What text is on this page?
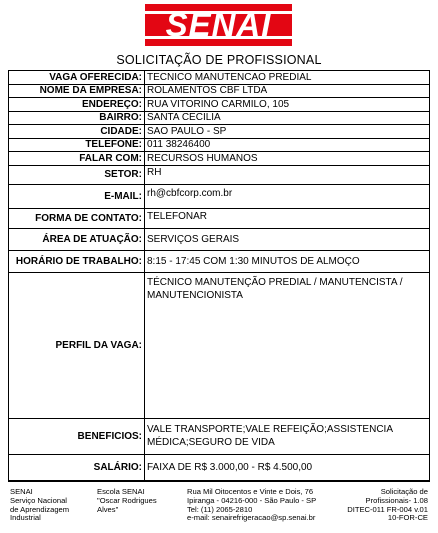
SENAI
SOLICITAÇÃO DE PROFISSIONAL
VAGA OFERECIDA:	TECNICO MANUTENCAO PREDIAL
NOME DA EMPRESA:	ROLAMENTOS CBF LTDA
ENDEREÇO:	RUA VITORINO CARMILO, 105
BAIRRO:	SANTA CECILIA
CIDADE:	SAO PAULO - SP
TELEFONE:	011 38246400
FALAR COM:	RECURSOS HUMANOS
SETOR:	RH
E-MAIL:	rh@cbfcorp.com.br
FORMA DE CONTATO:	TELEFONAR
ÁREA DE ATUAÇÃO:	SERVIÇOS GERAIS
HORÁRIO DE TRABALHO:	8:15 - 17:45 COM 1:30 MINUTOS DE ALMOÇO
PERFIL DA VAGA:	TÉCNICO MANUTENÇÃO PREDIAL / MANUTENCISTA / MANUTENCIONISTA
BENEFICIOS:	VALE TRANSPORTE;VALE REFEIÇÃO;ASSISTENCIA MÉDICA;SEGURO DE VIDA
SALÁRIO:	FAIXA DE R$ 3.000,00 - R$ 4.500,00
SENAI
Serviço Nacional
de Aprendizagem
Industrial
Escola SENAI
"Oscar Rodrigues
Alves"
Rua Mil Oitocentos e Vinte e Dois, 76
Ipiranga - 04216-000 - São Paulo - SP
Tel: (11) 2065-2810
e-mail: senairefrigeracao@sp.senai.br
Solicitação de
Profissionais- 1.08
DITEC-011 FR-004 v.01
10-FOR-CE
